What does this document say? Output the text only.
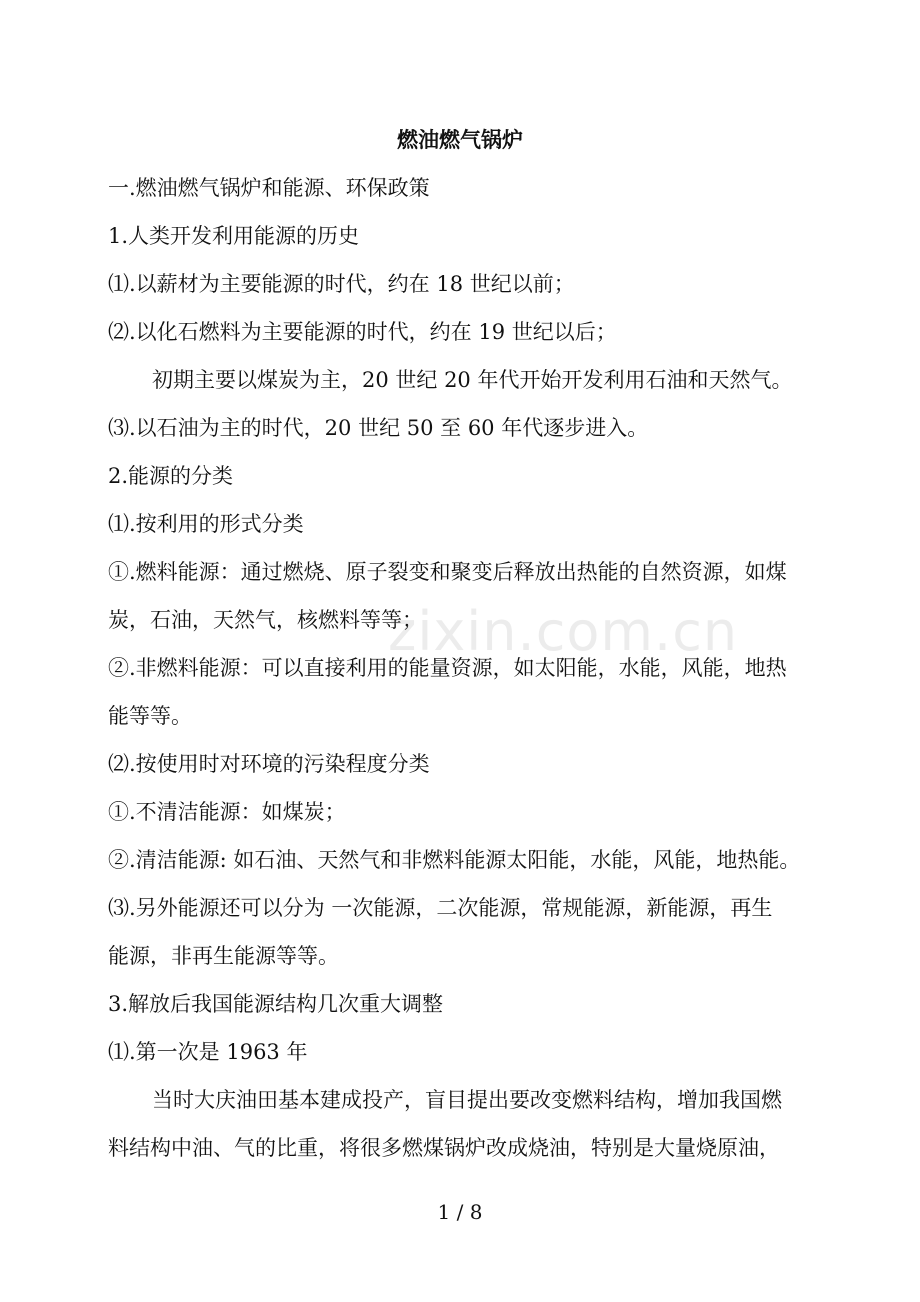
燃油燃气锅炉
一.燃油燃气锅炉和能源、环保政策
1.人类开发利用能源的历史
⑴.以薪材为主要能源的时代，约在 18 世纪以前；
⑵.以化石燃料为主要能源的时代，约在 19 世纪以后；
初期主要以煤炭为主，20 世纪 20 年代开始开发利用石油和天然气。
⑶.以石油为主的时代，20 世纪 50 至 60 年代逐步进入。
2.能源的分类
⑴.按利用的形式分类
①.燃料能源：通过燃烧、原子裂变和聚变后释放出热能的自然资源，如煤
炭，石油，天然气，核燃料等等；
②.非燃料能源：可以直接利用的能量资源，如太阳能，水能，风能，地热
能等等。
⑵.按使用时对环境的污染程度分类
①.不清洁能源：如煤炭；
②.清洁能源: 如石油、天然气和非燃料能源太阳能，水能，风能，地热能。
⑶.另外能源还可以分为 一次能源，二次能源，常规能源，新能源，再生
能源，非再生能源等等。
3.解放后我国能源结构几次重大调整
⑴.第一次是 1963 年
当时大庆油田基本建成投产，盲目提出要改变燃料结构，增加我国燃
料结构中油、气的比重，将很多燃煤锅炉改成烧油，特别是大量烧原油，
zixin.com.cn
1 / 8
